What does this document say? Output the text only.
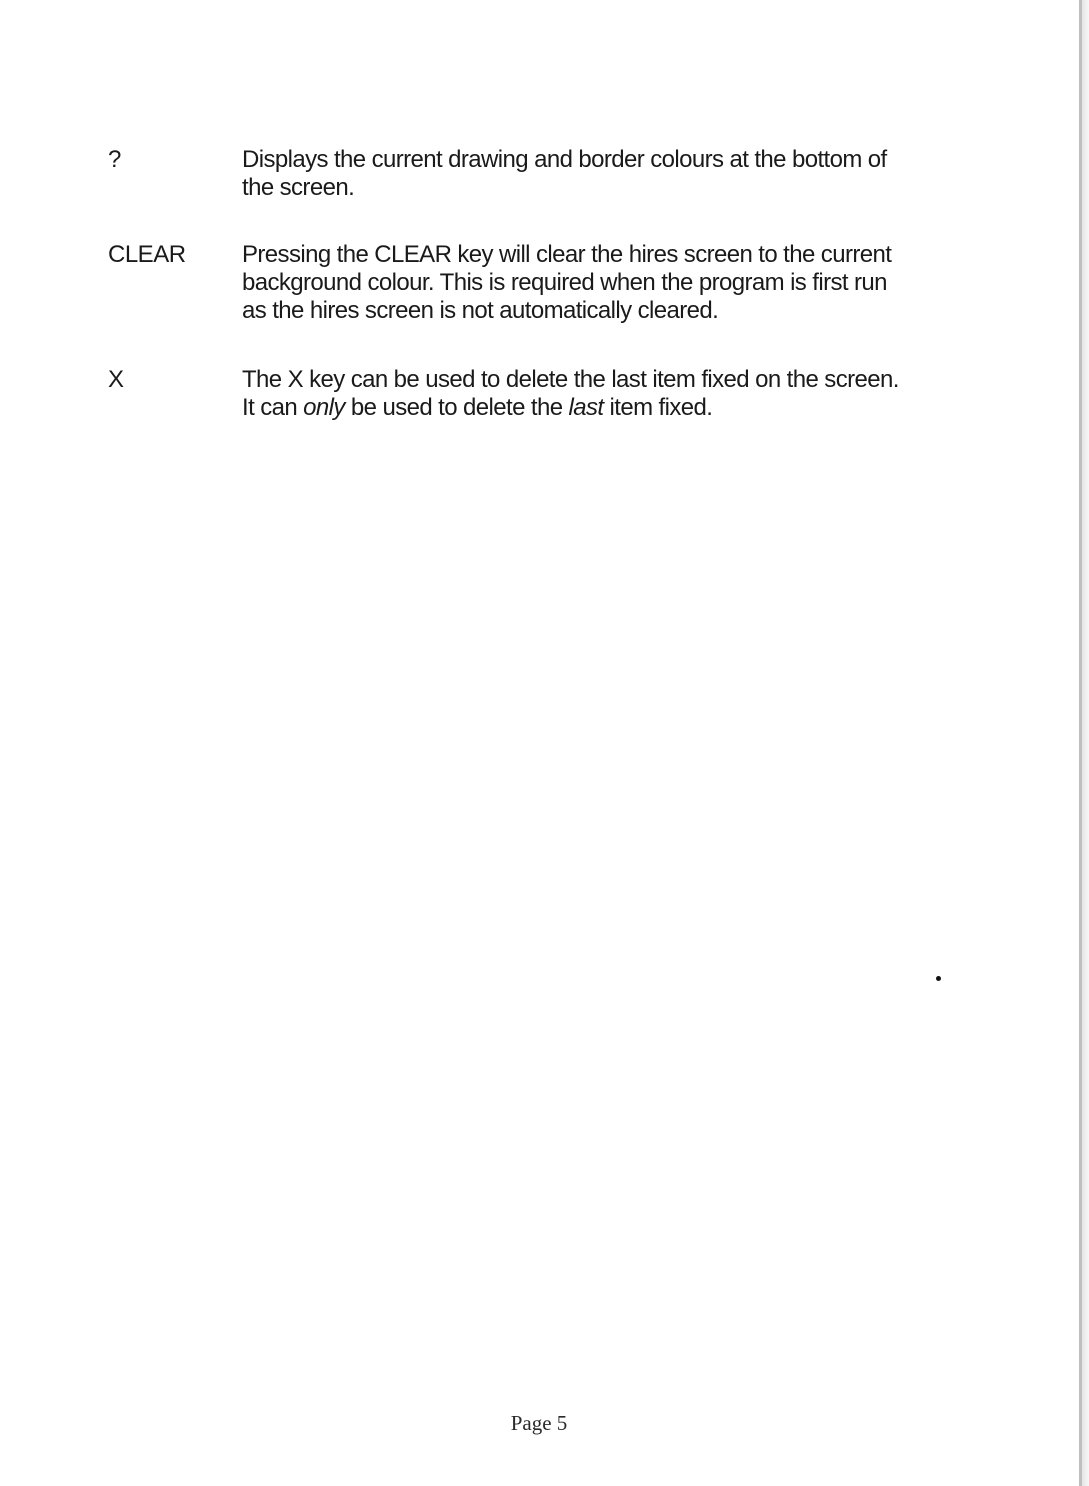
?	Displays the current drawing and border colours at the bottom of
the screen.
CLEAR Pressing the CLEAR key will clear the hires screen to the current
background colour. This is required when the program is first run
as the hires screen is not automatically cleared.
X	The X key can be used to delete the last item fixed on the screen.
It can only be used to delete the last item fixed.
Page 5
